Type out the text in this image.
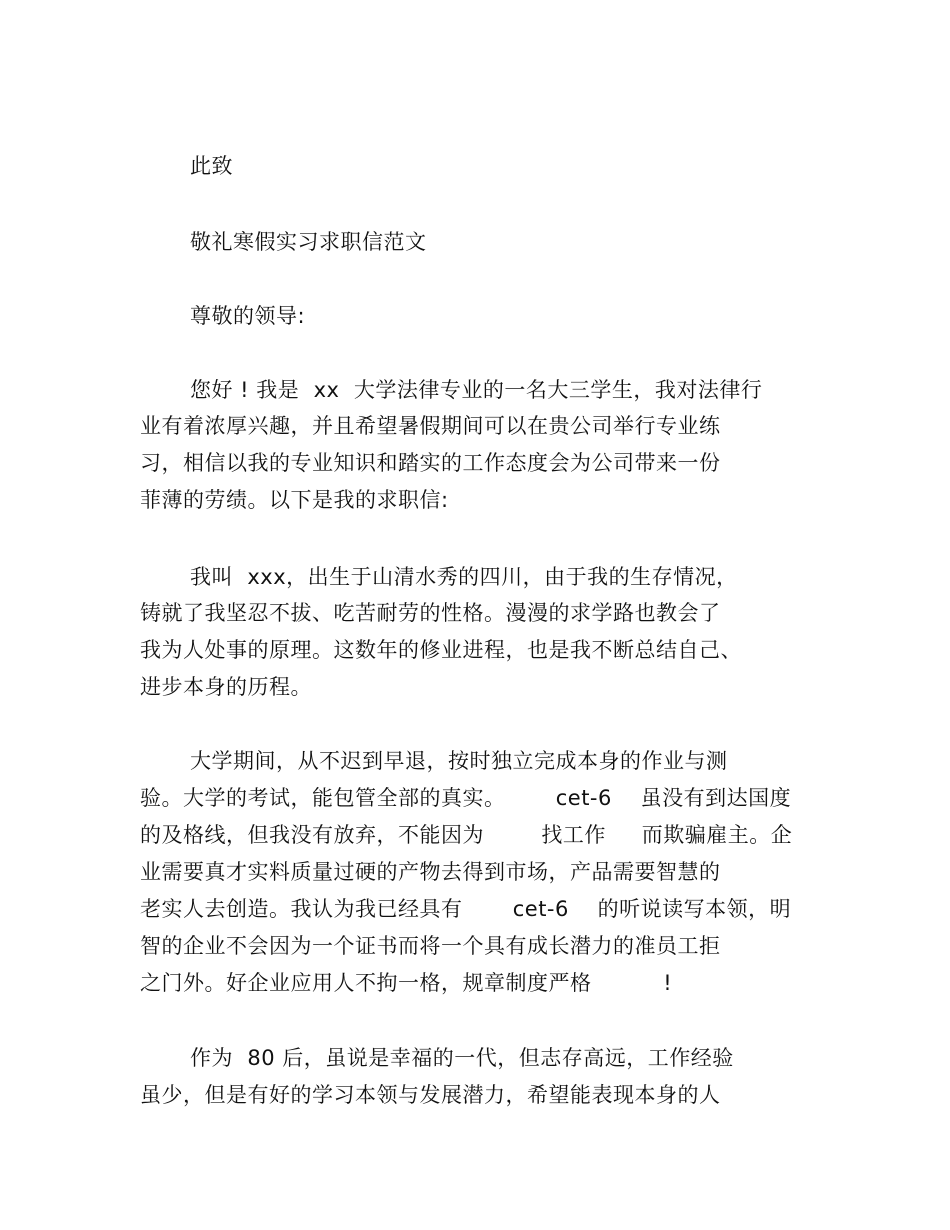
此致
敬礼寒假实习求职信范文
尊敬的领导:
您好 ! 我是  xx  大学法律专业的一名大三学生，我对法律行
业有着浓厚兴趣，并且希望暑假期间可以在贵公司举行专业练
习，相信以我的专业知识和踏实的工作态度会为公司带来一份
菲薄的劳绩。以下是我的求职信:
我叫  xxx，出生于山清水秀的四川，由于我的生存情况，
铸就了我坚忍不拔、吃苦耐劳的性格。漫漫的求学路也教会了
我为人处事的原理。这数年的修业进程，也是我不断总结自己、
进步本身的历程。
大学期间，从不迟到早退，按时独立完成本身的作业与测
验。大学的考试，能包管全部的真实。       cet-6    虽没有到达国度
的及格线，但我没有放弃，不能因为        找工作     而欺骗雇主。企
业需要真才实料质量过硬的产物去得到市场，产品需要智慧的
老实人去创造。我认为我已经具有       cet-6    的听说读写本领，明
智的企业不会因为一个证书而将一个具有成长潜力的准员工拒
之门外。好企业应用人不拘一格，规章制度严格          !
作为  80 后，虽说是幸福的一代，但志存高远，工作经验
虽少，但是有好的学习本领与发展潜力，希望能表现本身的人
